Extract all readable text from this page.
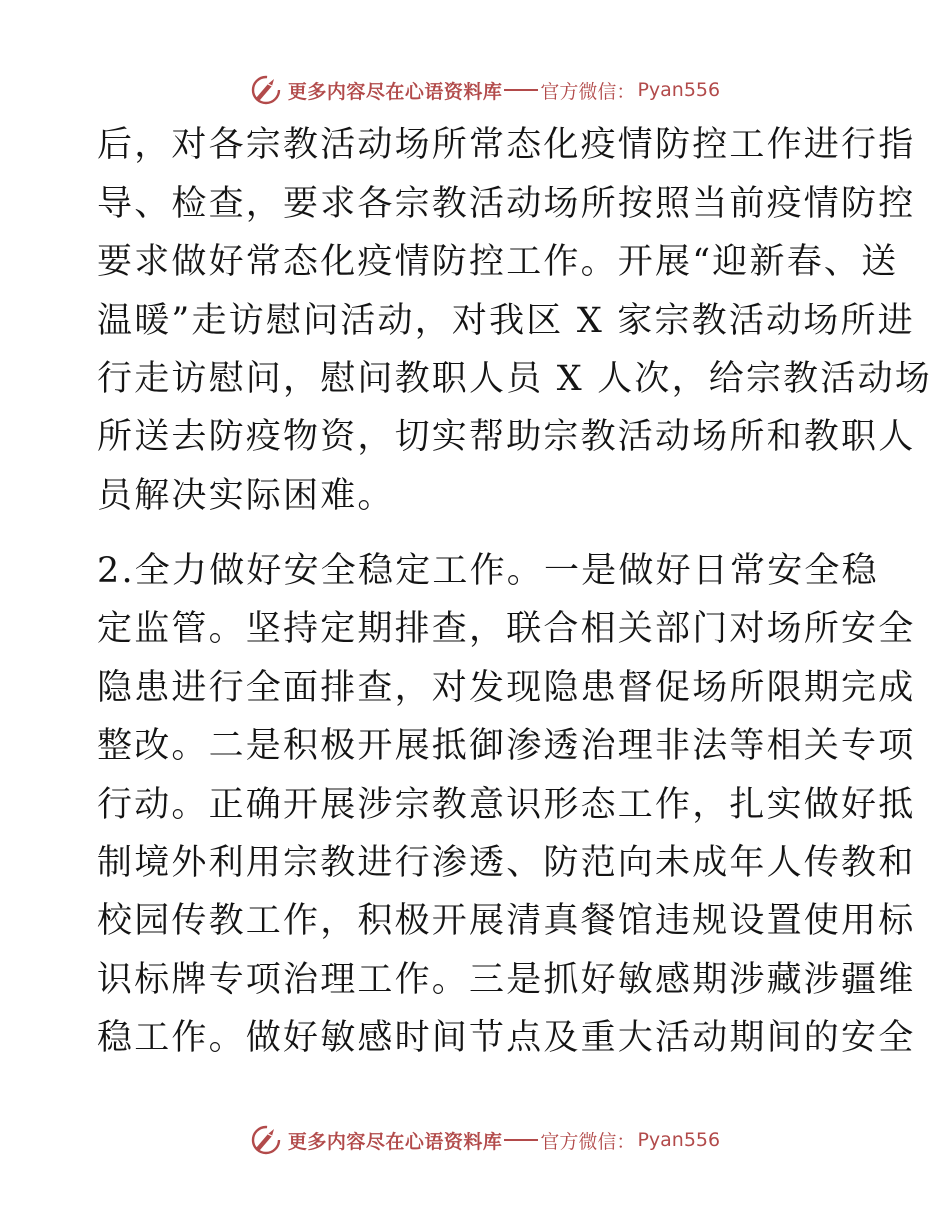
更多内容尽在心语资料库 官方微信： Pyan556
后，对各宗教活动场所常态化疫情防控工作进行指
导、检查，要求各宗教活动场所按照当前疫情防控
要求做好常态化疫情防控工作。开展“迎新春、送
温暖”走访慰问活动，对我区 X 家宗教活动场所进
行走访慰问，慰问教职人员 X 人次，给宗教活动场
所送去防疫物资，切实帮助宗教活动场所和教职人
员解决实际困难。
2.全力做好安全稳定工作。一是做好日常安全稳
定监管。坚持定期排查，联合相关部门对场所安全
隐患进行全面排查，对发现隐患督促场所限期完成
整改。二是积极开展抵御渗透治理非法等相关专项
行动。正确开展涉宗教意识形态工作，扎实做好抵
制境外利用宗教进行渗透、防范向未成年人传教和
校园传教工作，积极开展清真餐馆违规设置使用标
识标牌专项治理工作。三是抓好敏感期涉藏涉疆维
稳工作。做好敏感时间节点及重大活动期间的安全
更多内容尽在心语资料库 官方微信： Pyan556
